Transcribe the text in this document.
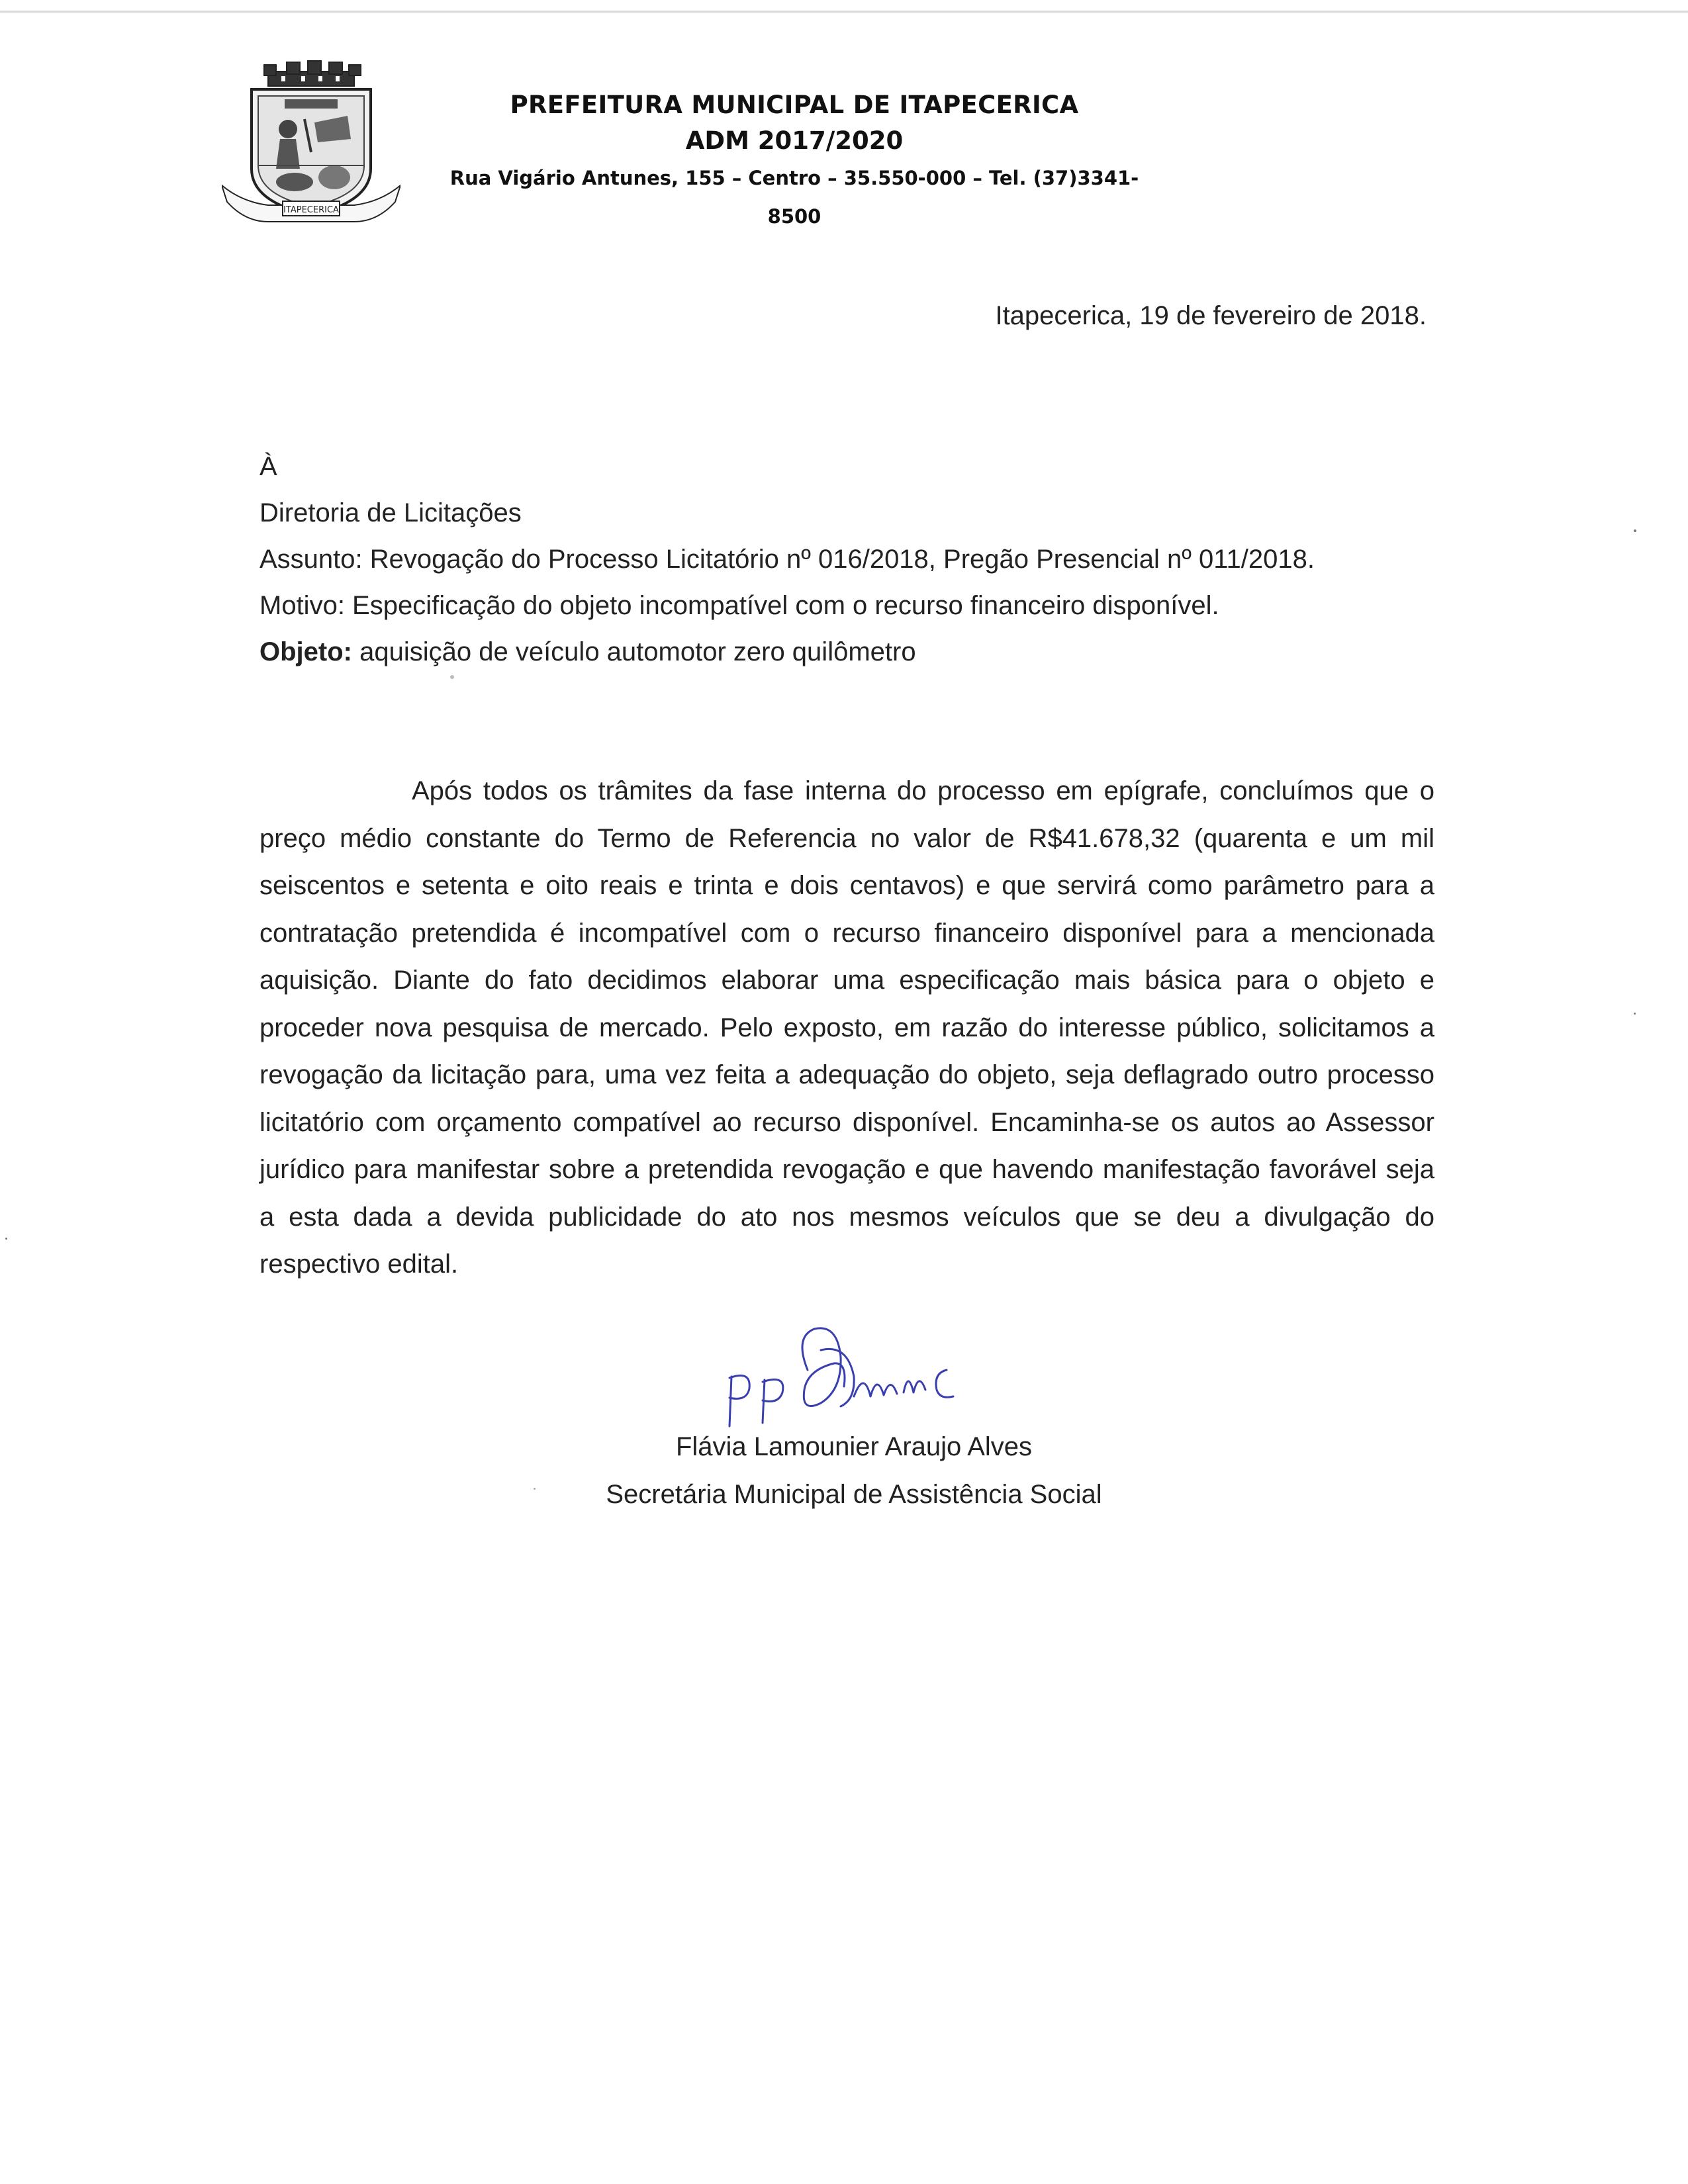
ITAPECERICA
PREFEITURA MUNICIPAL DE ITAPECERICA
ADM 2017/2020
Rua Vigário Antunes, 155 – Centro – 35.550-000 – Tel. (37)3341-8500
Itapecerica, 19 de fevereiro de 2018.
À
Diretoria de Licitações
Assunto: Revogação do Processo Licitatório nº 016/2018, Pregão Presencial nº 011/2018.
Motivo: Especificação do objeto incompatível com o recurso financeiro disponível.
Objeto: aquisição de veículo automotor zero quilômetro

Após todos os trâmites da fase interna do processo em epígrafe, concluímos que o preço médio constante do Termo de Referencia no valor de R$41.678,32 (quarenta e um mil seiscentos e setenta e oito reais e trinta e dois centavos) e que servirá como parâmetro para a contratação pretendida é incompatível com o recurso financeiro disponível para a mencionada aquisição. Diante do fato decidimos elaborar uma especificação mais básica para o objeto e proceder nova pesquisa de mercado. Pelo exposto, em razão do interesse público, solicitamos a revogação da licitação para, uma vez feita a adequação do objeto, seja deflagrado outro processo licitatório com orçamento compatível ao recurso disponível. Encaminha-se os autos ao Assessor jurídico para manifestar sobre a pretendida revogação e que havendo manifestação favorável seja a esta dada a devida publicidade do ato nos mesmos veículos que se deu a divulgação do respectivo edital.

Flávia Lamounier Araujo Alves
Secretária Municipal de Assistência Social
